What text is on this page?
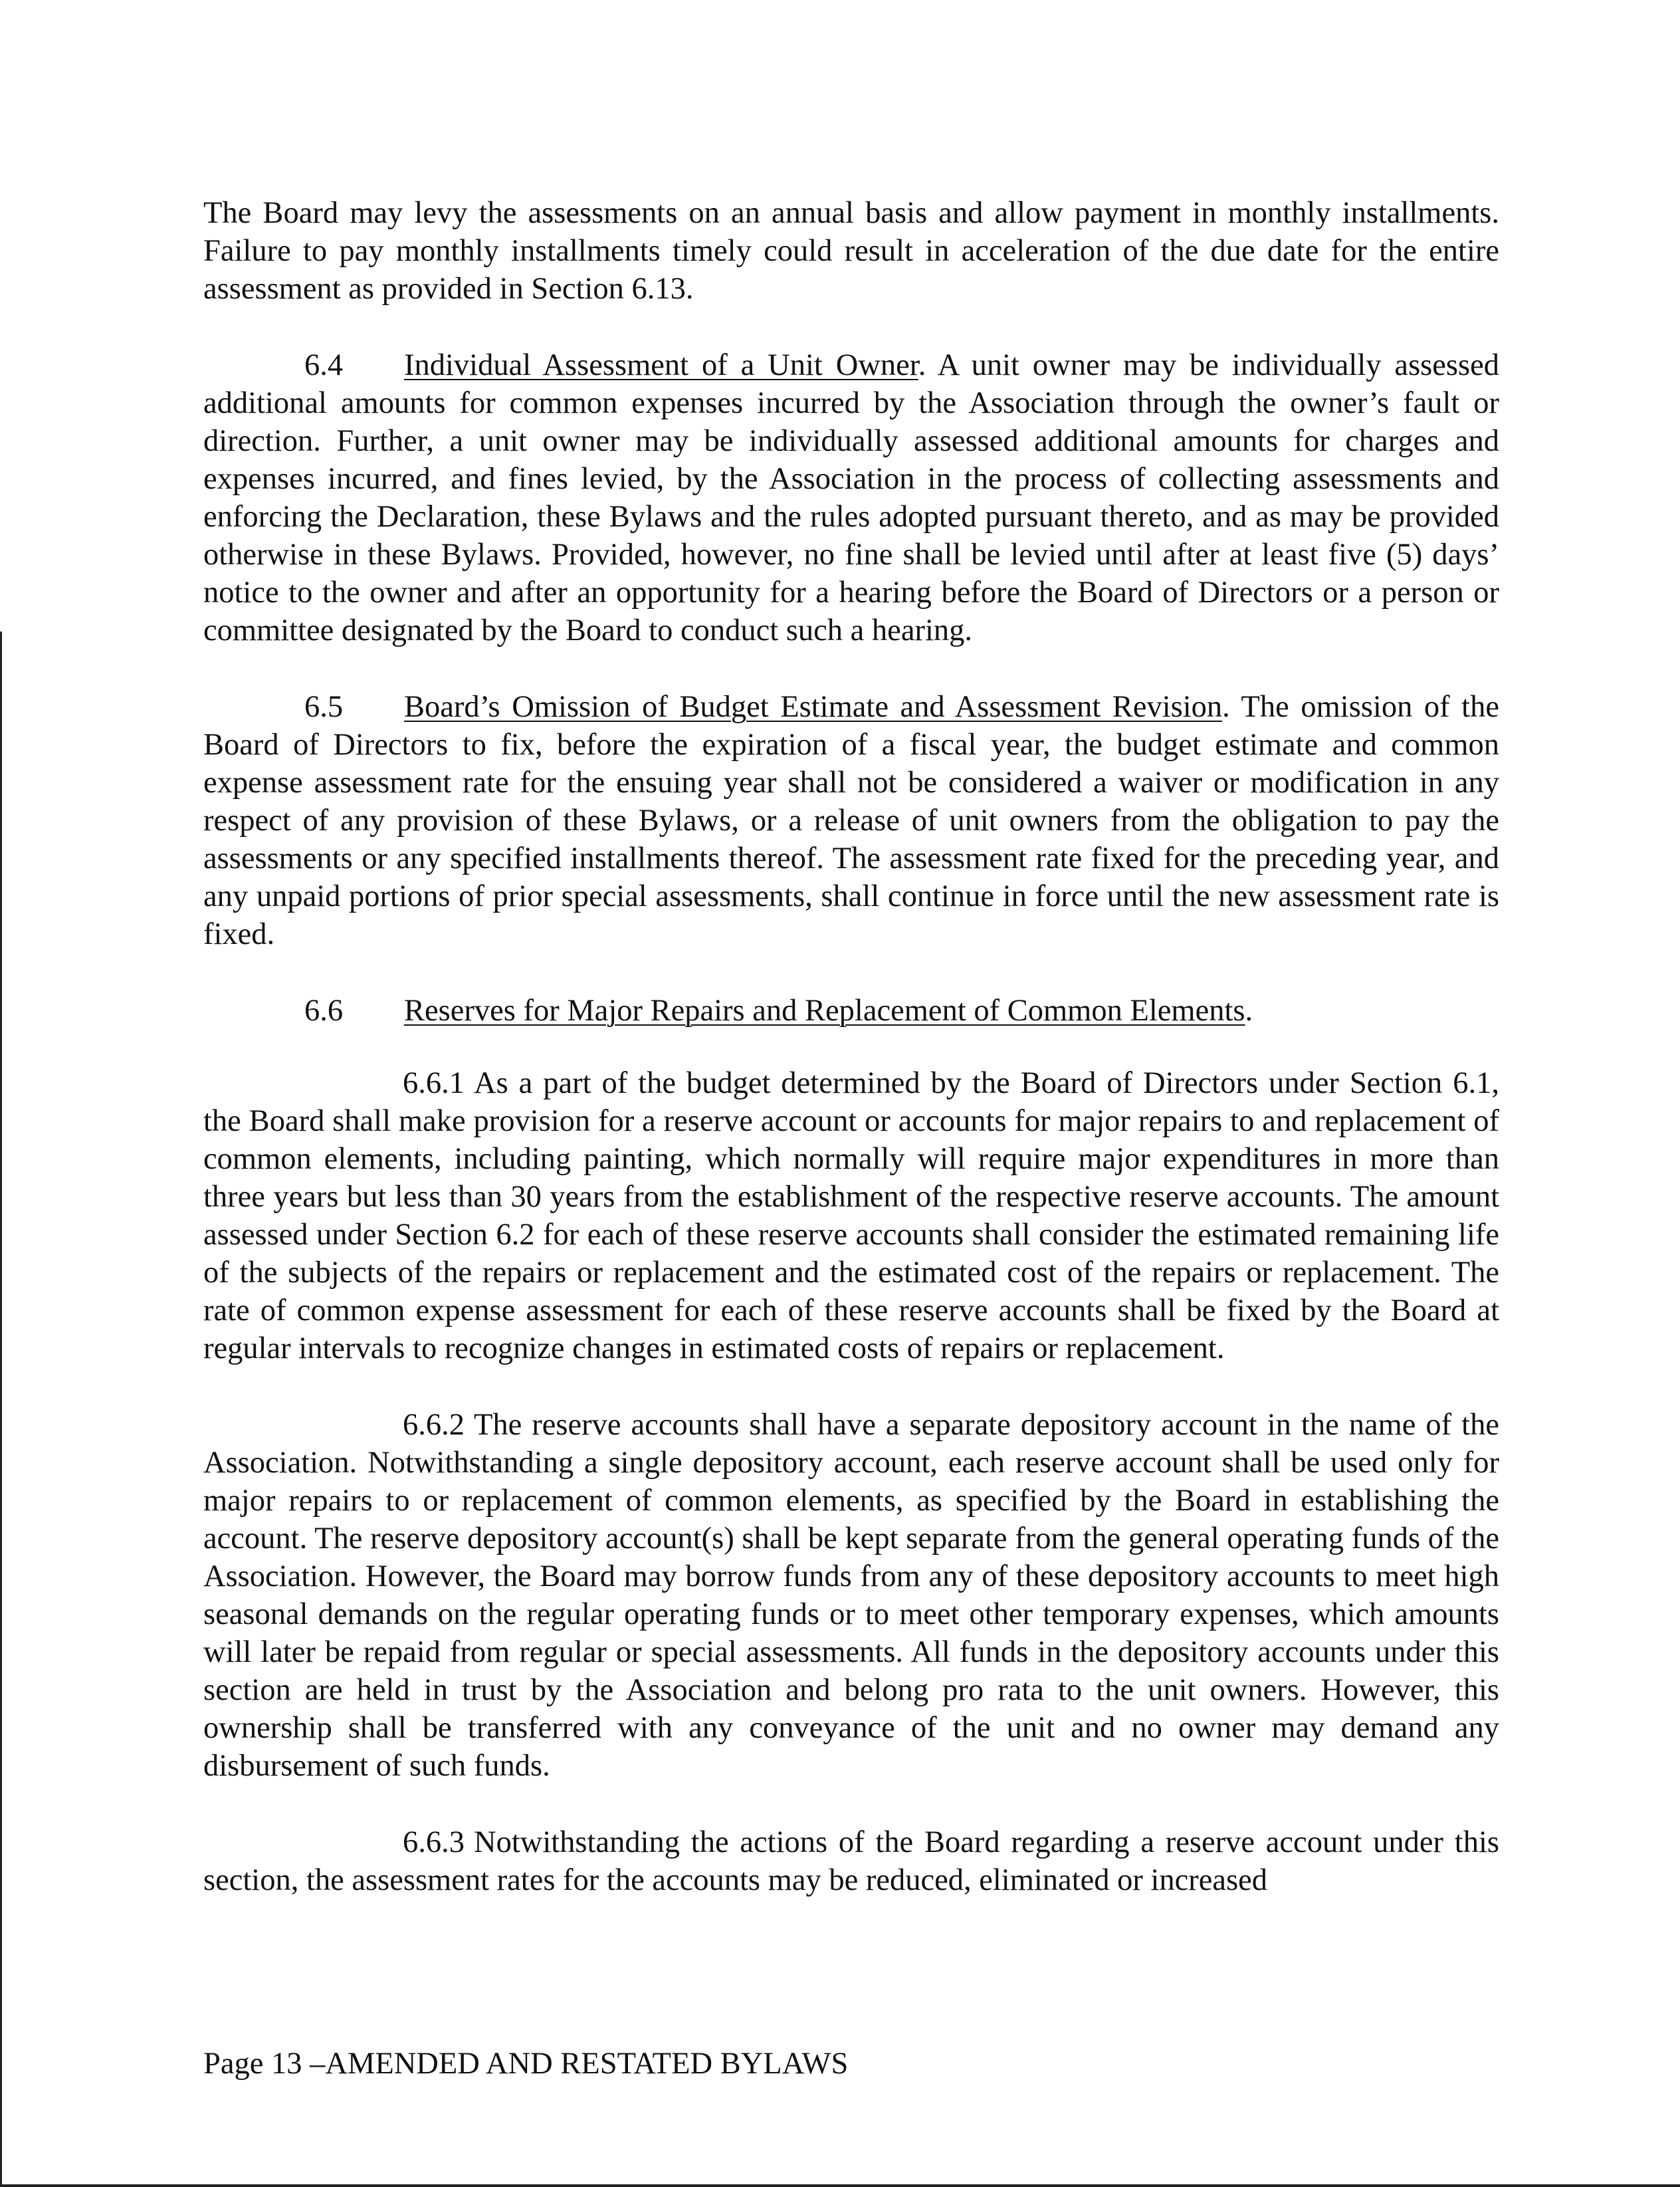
The Board may levy the assessments on an annual basis and allow payment in monthly installments. Failure to pay monthly installments timely could result in acceleration of the due date for the entire assessment as provided in Section 6.13.

6.4 Individual Assessment of a Unit Owner. A unit owner may be individually assessed additional amounts for common expenses incurred by the Association through the owner’s fault or direction. Further, a unit owner may be individually assessed additional amounts for charges and expenses incurred, and fines levied, by the Association in the process of collecting assessments and enforcing the Declaration, these Bylaws and the rules adopted pursuant thereto, and as may be provided otherwise in these Bylaws. Provided, however, no fine shall be levied until after at least five (5) days’ notice to the owner and after an opportunity for a hearing before the Board of Directors or a person or committee designated by the Board to conduct such a hearing.

6.5 Board’s Omission of Budget Estimate and Assessment Revision. The omission of the Board of Directors to fix, before the expiration of a fiscal year, the budget estimate and common expense assessment rate for the ensuing year shall not be considered a waiver or modification in any respect of any provision of these Bylaws, or a release of unit owners from the obligation to pay the assessments or any specified installments thereof. The assessment rate fixed for the preceding year, and any unpaid portions of prior special assessments, shall continue in force until the new assessment rate is fixed.

6.6 Reserves for Major Repairs and Replacement of Common Elements.

6.6.1 As a part of the budget determined by the Board of Directors under Section 6.1, the Board shall make provision for a reserve account or accounts for major repairs to and replacement of common elements, including painting, which normally will require major expenditures in more than three years but less than 30 years from the establishment of the respective reserve accounts. The amount assessed under Section 6.2 for each of these reserve accounts shall consider the estimated remaining life of the subjects of the repairs or replacement and the estimated cost of the repairs or replacement. The rate of common expense assessment for each of these reserve accounts shall be fixed by the Board at regular intervals to recognize changes in estimated costs of repairs or replacement.

6.6.2 The reserve accounts shall have a separate depository account in the name of the Association. Notwithstanding a single depository account, each reserve account shall be used only for major repairs to or replacement of common elements, as specified by the Board in establishing the account. The reserve depository account(s) shall be kept separate from the general operating funds of the Association. However, the Board may borrow funds from any of these depository accounts to meet high seasonal demands on the regular operating funds or to meet other temporary expenses, which amounts will later be repaid from regular or special assessments. All funds in the depository accounts under this section are held in trust by the Association and belong pro rata to the unit owners. However, this ownership shall be transferred with any conveyance of the unit and no owner may demand any disbursement of such funds.

6.6.3 Notwithstanding the actions of the Board regarding a reserve account under this section, the assessment rates for the accounts may be reduced, eliminated or increased

Page 13 –AMENDED AND RESTATED BYLAWS
